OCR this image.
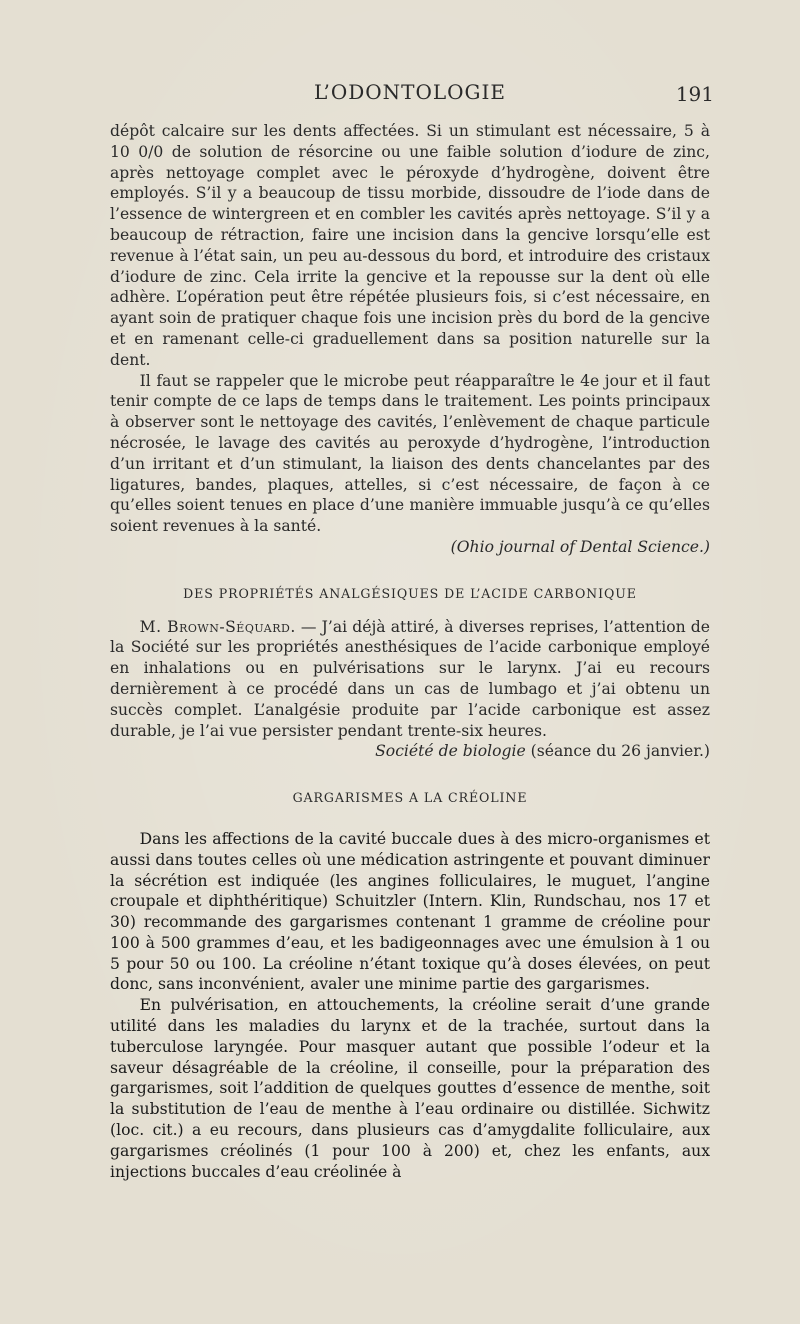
L’ODONTOLOGIE	191

dépôt calcaire sur les dents affectées. Si un stimulant est nécessaire, 5 à 10 0/0 de solution de résorcine ou une faible solution d’iodure de zinc, après nettoyage complet avec le péroxyde d’hydrogène, doivent être employés. S’il y a beaucoup de tissu morbide, dissoudre de l’iode dans de l’essence de wintergreen et en combler les cavités après nettoyage. S’il y a beaucoup de rétraction, faire une incision dans la gencive lorsqu’elle est revenue à l’état sain, un peu au-dessous du bord, et introduire des cristaux d’iodure de zinc. Cela irrite la gencive et la repousse sur la dent où elle adhère. L’opération peut être répétée plusieurs fois, si c’est nécessaire, en ayant soin de pratiquer chaque fois une incision près du bord de la gencive et en ramenant celle-ci graduellement dans sa position naturelle sur la dent.

Il faut se rappeler que le microbe peut réapparaître le 4e jour et il faut tenir compte de ce laps de temps dans le traitement. Les points principaux à observer sont le nettoyage des cavités, l’enlèvement de chaque particule nécrosée, le lavage des cavités au peroxyde d’hydrogène, l’introduction d’un irritant et d’un stimulant, la liaison des dents chancelantes par des ligatures, bandes, plaques, attelles, si c’est nécessaire, de façon à ce qu’elles soient tenues en place d’une manière immuable jusqu’à ce qu’elles soient revenues à la santé.

(Ohio journal of Dental Science.)

DES PROPRIÉTÉS ANALGÉSIQUES DE L’ACIDE CARBONIQUE

M. Brown-Séquard. — J’ai déjà attiré, à diverses reprises, l’attention de la Société sur les propriétés anesthésiques de l’acide carbonique employé en inhalations ou en pulvérisations sur le larynx. J’ai eu recours dernièrement à ce procédé dans un cas de lumbago et j’ai obtenu un succès complet. L’analgésie produite par l’acide carbonique est assez durable, je l’ai vue persister pendant trente-six heures.

Société de biologie (séance du 26 janvier.)

GARGARISMES A LA CRÉOLINE

Dans les affections de la cavité buccale dues à des micro-organismes et aussi dans toutes celles où une médication astringente et pouvant diminuer la sécrétion est indiquée (les angines folliculaires, le muguet, l’angine croupale et diphthéritique) Schuitzler (Intern. Klin, Rundschau, nos 17 et 30) recommande des gargarismes contenant 1 gramme de créoline pour 100 à 500 grammes d’eau, et les badigeonnages avec une émulsion à 1 ou 5 pour 50 ou 100. La créoline n’étant toxique qu’à doses élevées, on peut donc, sans inconvénient, avaler une minime partie des gargarismes.

En pulvérisation, en attouchements, la créoline serait d’une grande utilité dans les maladies du larynx et de la trachée, surtout dans la tuberculose laryngée. Pour masquer autant que possible l’odeur et la saveur désagréable de la créoline, il conseille, pour la préparation des gargarismes, soit l’addition de quelques gouttes d’essence de menthe, soit la substitution de l’eau de menthe à l’eau ordinaire ou distillée. Sichwitz (loc. cit.) a eu recours, dans plusieurs cas d’amygdalite folliculaire, aux gargarismes créolinés (1 pour 100 à 200) et, chez les enfants, aux injections buccales d’eau créolinée à
